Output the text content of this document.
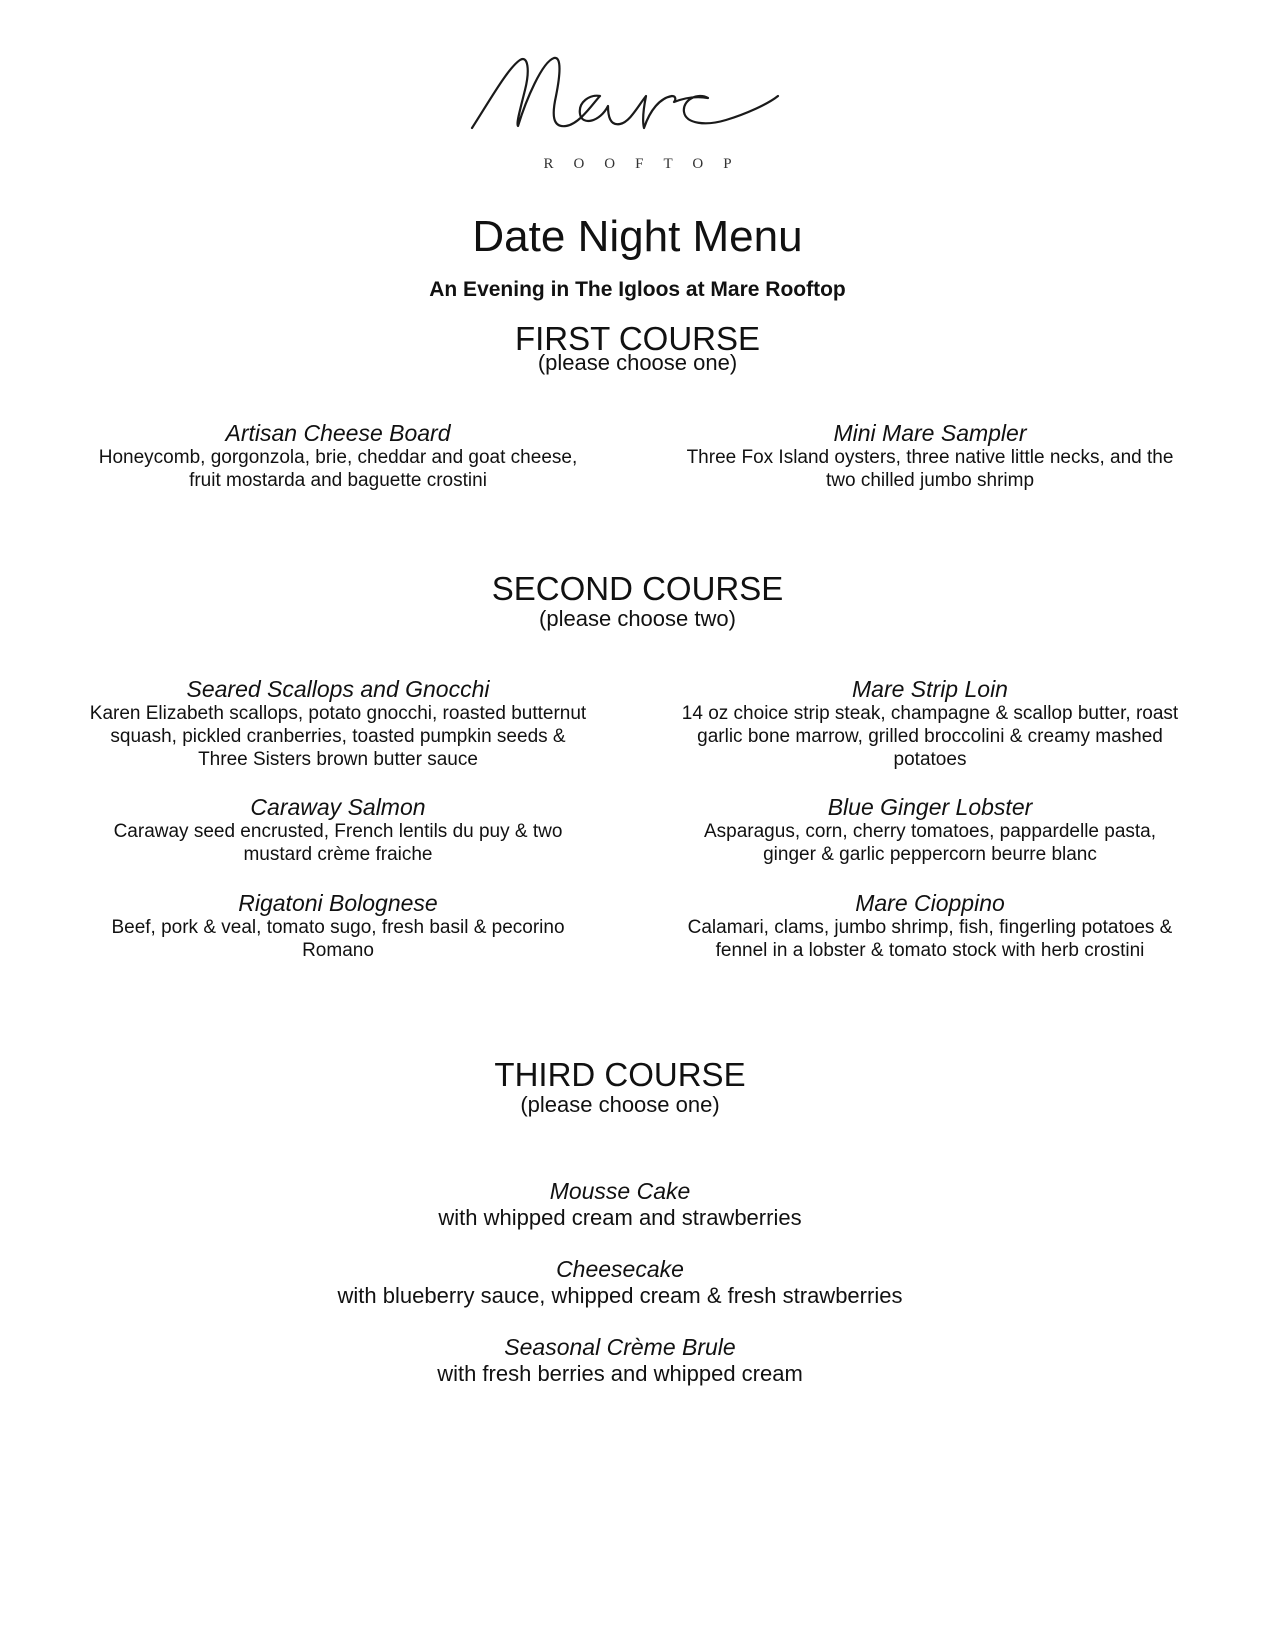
ROOFTOP
Date Night Menu
An Evening in The Igloos at Mare Rooftop
FIRST COURSE
(please choose one)
Artisan Cheese Board
Honeycomb, gorgonzola, brie, cheddar and goat cheese, fruit mostarda and baguette crostini
Mini Mare Sampler
Three Fox Island oysters, three native little necks, and the two chilled jumbo shrimp
SECOND COURSE
(please choose two)
Seared Scallops and Gnocchi
Karen Elizabeth scallops, potato gnocchi, roasted butternut squash, pickled cranberries, toasted pumpkin seeds & Three Sisters brown butter sauce
Mare Strip Loin
14 oz choice strip steak, champagne & scallop butter, roast garlic bone marrow, grilled broccolini & creamy mashed potatoes
Caraway Salmon
Caraway seed encrusted, French lentils du puy & two mustard crème fraiche
Blue Ginger Lobster
Asparagus, corn, cherry tomatoes, pappardelle pasta, ginger & garlic peppercorn beurre blanc
Rigatoni Bolognese
Beef, pork & veal, tomato sugo, fresh basil & pecorino Romano
Mare Cioppino
Calamari, clams, jumbo shrimp, fish, fingerling potatoes & fennel in a lobster & tomato stock with herb crostini
THIRD COURSE
(please choose one)
Mousse Cake
with whipped cream and strawberries
Cheesecake
with blueberry sauce, whipped cream & fresh strawberries
Seasonal Crème Brule
with fresh berries and whipped cream
